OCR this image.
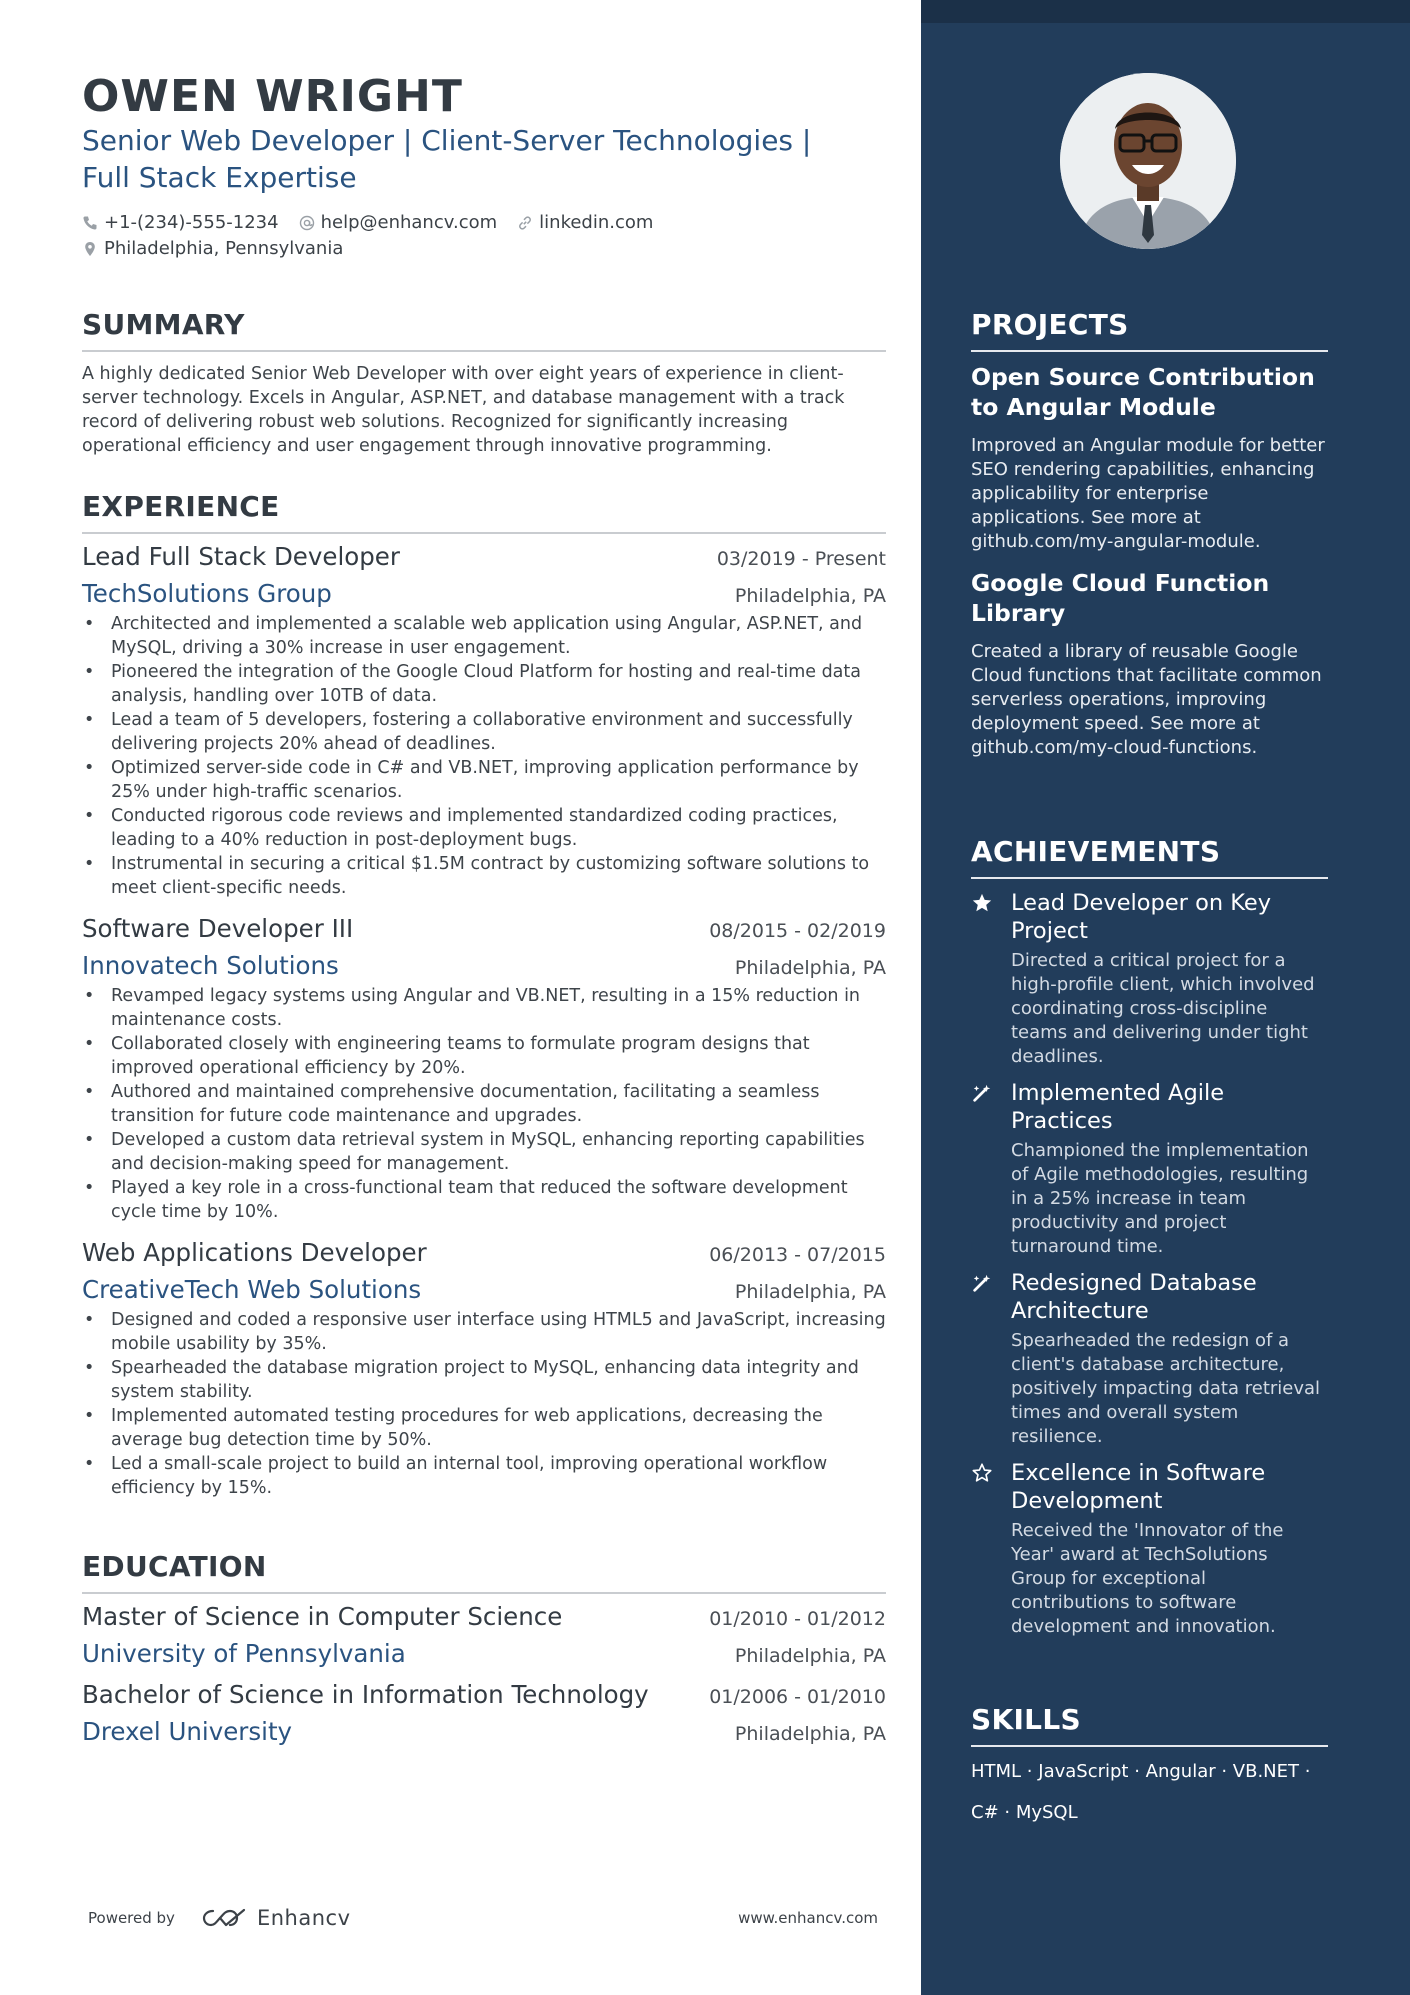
OWEN WRIGHT
Senior Web Developer | Client-Server Technologies | Full Stack Expertise
+1-(234)-555-1234 help@enhancv.com linkedin.com
Philadelphia, Pennsylvania
SUMMARY
A highly dedicated Senior Web Developer with over eight years of experience in client-server technology. Excels in Angular, ASP.NET, and database management with a track record of delivering robust web solutions. Recognized for significantly increasing operational efficiency and user engagement through innovative programming.
EXPERIENCE
Lead Full Stack Developer	03/2019 - Present
TechSolutions Group	Philadelphia, PA
• Architected and implemented a scalable web application using Angular, ASP.NET, and MySQL, driving a 30% increase in user engagement.
• Pioneered the integration of the Google Cloud Platform for hosting and real-time data analysis, handling over 10TB of data.
• Lead a team of 5 developers, fostering a collaborative environment and successfully delivering projects 20% ahead of deadlines.
• Optimized server-side code in C# and VB.NET, improving application performance by 25% under high-traffic scenarios.
• Conducted rigorous code reviews and implemented standardized coding practices, leading to a 40% reduction in post-deployment bugs.
• Instrumental in securing a critical $1.5M contract by customizing software solutions to meet client-specific needs.
Software Developer III	08/2015 - 02/2019
Innovatech Solutions	Philadelphia, PA
• Revamped legacy systems using Angular and VB.NET, resulting in a 15% reduction in maintenance costs.
• Collaborated closely with engineering teams to formulate program designs that improved operational efficiency by 20%.
• Authored and maintained comprehensive documentation, facilitating a seamless transition for future code maintenance and upgrades.
• Developed a custom data retrieval system in MySQL, enhancing reporting capabilities and decision-making speed for management.
• Played a key role in a cross-functional team that reduced the software development cycle time by 10%.
Web Applications Developer	06/2013 - 07/2015
CreativeTech Web Solutions	Philadelphia, PA
• Designed and coded a responsive user interface using HTML5 and JavaScript, increasing mobile usability by 35%.
• Spearheaded the database migration project to MySQL, enhancing data integrity and system stability.
• Implemented automated testing procedures for web applications, decreasing the average bug detection time by 50%.
• Led a small-scale project to build an internal tool, improving operational workflow efficiency by 15%.
EDUCATION
Master of Science in Computer Science	01/2010 - 01/2012
University of Pennsylvania	Philadelphia, PA
Bachelor of Science in Information Technology	01/2006 - 01/2010
Drexel University	Philadelphia, PA
Powered by	Enhancv	www.enhancv.com
PROJECTS
Open Source Contribution to Angular Module
Improved an Angular module for better SEO rendering capabilities, enhancing applicability for enterprise applications. See more at github.com/my-angular-module.
Google Cloud Function Library
Created a library of reusable Google Cloud functions that facilitate common serverless operations, improving deployment speed. See more at github.com/my-cloud-functions.
ACHIEVEMENTS
Lead Developer on Key Project
Directed a critical project for a high-profile client, which involved coordinating cross-discipline teams and delivering under tight deadlines.
Implemented Agile Practices
Championed the implementation of Agile methodologies, resulting in a 25% increase in team productivity and project turnaround time.
Redesigned Database Architecture
Spearheaded the redesign of a client's database architecture, positively impacting data retrieval times and overall system resilience.
Excellence in Software Development
Received the 'Innovator of the Year' award at TechSolutions Group for exceptional contributions to software development and innovation.
SKILLS
HTML · JavaScript · Angular · VB.NET ·
C# · MySQL
